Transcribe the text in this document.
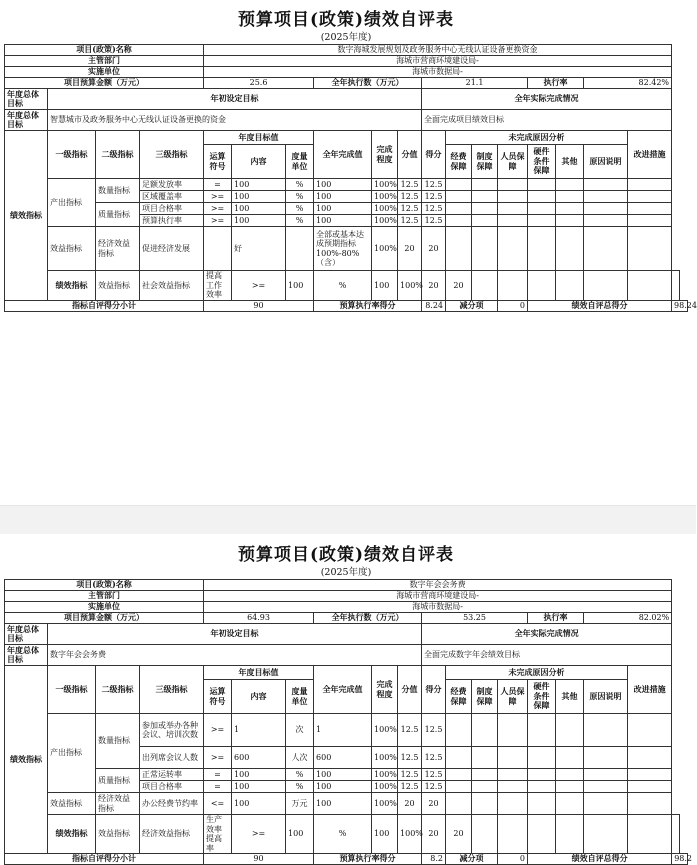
预算项目(政策)绩效自评表
(2025年度)
项目(政策)名称				数字海城发展规划及政务服务中心无线认证设备更换资金														
主管部门				海城市营商环境建设局-														
实施单位				海城市数据局-														
项目预算金额（万元）				25.6			全年执行数（万元）			21.1				执行率		82.42%		
年度总体目标	年初设定目标									全年实际完成情况								
年度总体目标	智慧城市及政务服务中心无线认证设备更换的资金									全面完成项目绩效目标								
绩效指标	一级指标	二级指标	三级指标	年度目标值			全年完成值	完成程度	分值	得分	未完成原因分析						改进措施	
				运算符号	内容	度量单位					经费保障	制度保障	人员保障	硬件条件保障	其他	原因说明		
	产出指标	数量指标	足额发放率	=	100	%	100	100%	12.5	12.5								
			区域覆盖率	>=	100	%	100	100%	12.5	12.5								
		质量指标	项目合格率	>=	100	%	100	100%	12.5	12.5								
			预算执行率	>=	100	%	100	100%	12.5	12.5								
	效益指标	经济效益指标	促进经济发展		好		全部或基本达成预期指标100%-80%（含）	100%	20	20								
	绩效指标	效益指标	社会效益指标	提高工作效率	>=	100	%	100	100%	20	20							
指标自评得分小计				90			预算执行率得分			8.24	减分项		0	绩效自评总得分				98.24
预算项目(政策)绩效自评表
(2025年度)
项目(政策)名称				数字年会会务费														
主管部门				海城市营商环境建设局-														
实施单位				海城市数据局-														
项目预算金额（万元）				64.93			全年执行数（万元）			53.25				执行率		82.02%		
年度总体目标	年初设定目标									全年实际完成情况								
年度总体目标	数字年会会务费									全面完成数字年会绩效目标								
绩效指标	一级指标	二级指标	三级指标	年度目标值			全年完成值	完成程度	分值	得分	未完成原因分析						改进措施	
				运算符号	内容	度量单位					经费保障	制度保障	人员保障	硬件条件保障	其他	原因说明		
	产出指标	数量指标	参加或举办各种会议、培训次数	>=	1	次	1	100%	12.5	12.5								
			出列席会议人数	>=	600	人次	600	100%	12.5	12.5								
		质量指标	正常运转率	=	100	%	100	100%	12.5	12.5								
			项目合格率	=	100	%	100	100%	12.5	12.5								
	效益指标	经济效益指标	办公经费节约率	<=	100	万元	100	100%	20	20								
	绩效指标	效益指标	经济效益指标	生产效率提高率	>=	100	%	100	100%	20	20							
指标自评得分小计				90			预算执行率得分			8.2	减分项		0	绩效自评总得分				98.2
